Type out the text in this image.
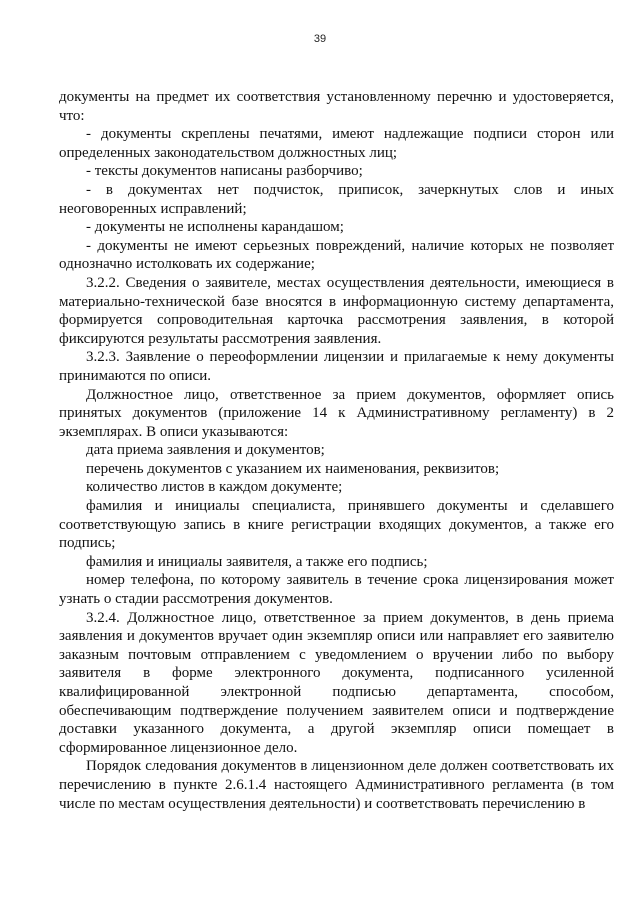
39

документы на предмет их соответствия установленному перечню и удостоверяется, что:

- документы скреплены печатями, имеют надлежащие подписи сторон или определенных законодательством должностных лиц;

- тексты документов написаны разборчиво;

- в документах нет подчисток, приписок, зачеркнутых слов и иных неоговоренных исправлений;

- документы не исполнены карандашом;

- документы не имеют серьезных повреждений, наличие которых не позволяет однозначно истолковать их содержание;

3.2.2. Сведения о заявителе, местах осуществления деятельности, имеющиеся в материально-технической базе вносятся в информационную систему департамента, формируется сопроводительная карточка рассмотрения заявления, в которой фиксируются результаты рассмотрения заявления.

3.2.3. Заявление о переоформлении лицензии и прилагаемые к нему документы принимаются по описи.

Должностное лицо, ответственное за прием документов, оформляет опись принятых документов (приложение 14 к Административному регламенту) в 2 экземплярах. В описи указываются:

дата приема заявления и документов;

перечень документов с указанием их наименования, реквизитов;

количество листов в каждом документе;

фамилия и инициалы специалиста, принявшего документы и сделавшего соответствующую запись в книге регистрации входящих документов, а также его подпись;

фамилия и инициалы заявителя, а также его подпись;

номер телефона, по которому заявитель в течение срока лицензирования может узнать о стадии рассмотрения документов.

3.2.4. Должностное лицо, ответственное за прием документов, в день приема заявления и документов вручает один экземпляр описи или направляет его заявителю заказным почтовым отправлением с уведомлением о вручении либо по выбору заявителя в форме электронного документа, подписанного усиленной квалифицированной электронной подписью департамента, способом, обеспечивающим подтверждение получением заявителем описи и подтверждение доставки указанного документа, а другой экземпляр описи помещает в сформированное лицензионное дело.

Порядок следования документов в лицензионном деле должен соответствовать их перечислению в пункте 2.6.1.4 настоящего Административного регламента (в том числе по местам осуществления деятельности) и соответствовать перечислению в
